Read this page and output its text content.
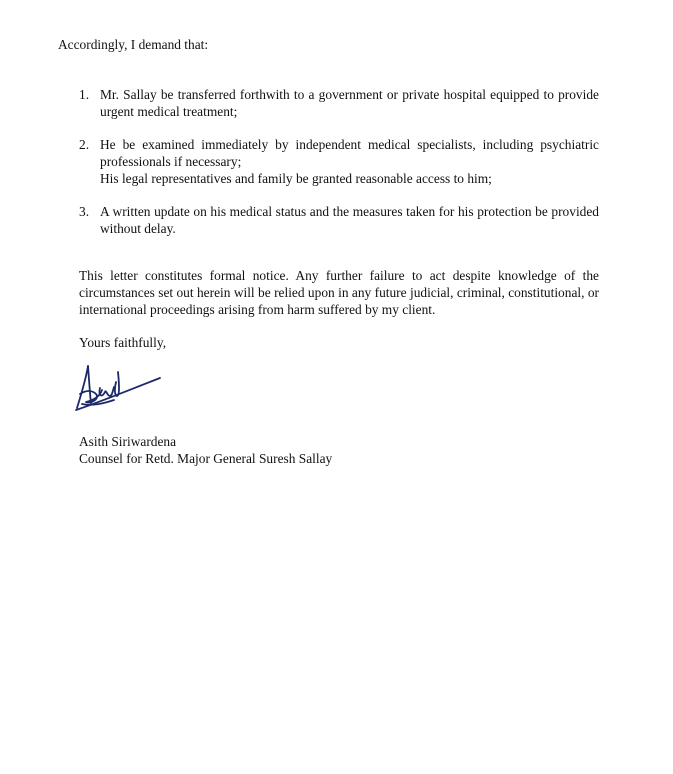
Accordingly, I demand that:
1. Mr. Sallay be transferred forthwith to a government or private hospital equipped to provide urgent medical treatment;
2. He be examined immediately by independent medical specialists, including psychiatric professionals if necessary;
His legal representatives and family be granted reasonable access to him;
3. A written update on his medical status and the measures taken for his protection be provided without delay.
This letter constitutes formal notice. Any further failure to act despite knowledge of the circumstances set out herein will be relied upon in any future judicial, criminal, constitutional, or international proceedings arising from harm suffered by my client.
Yours faithfully,
Asith Siriwardena
Counsel for Retd. Major General Suresh Sallay
